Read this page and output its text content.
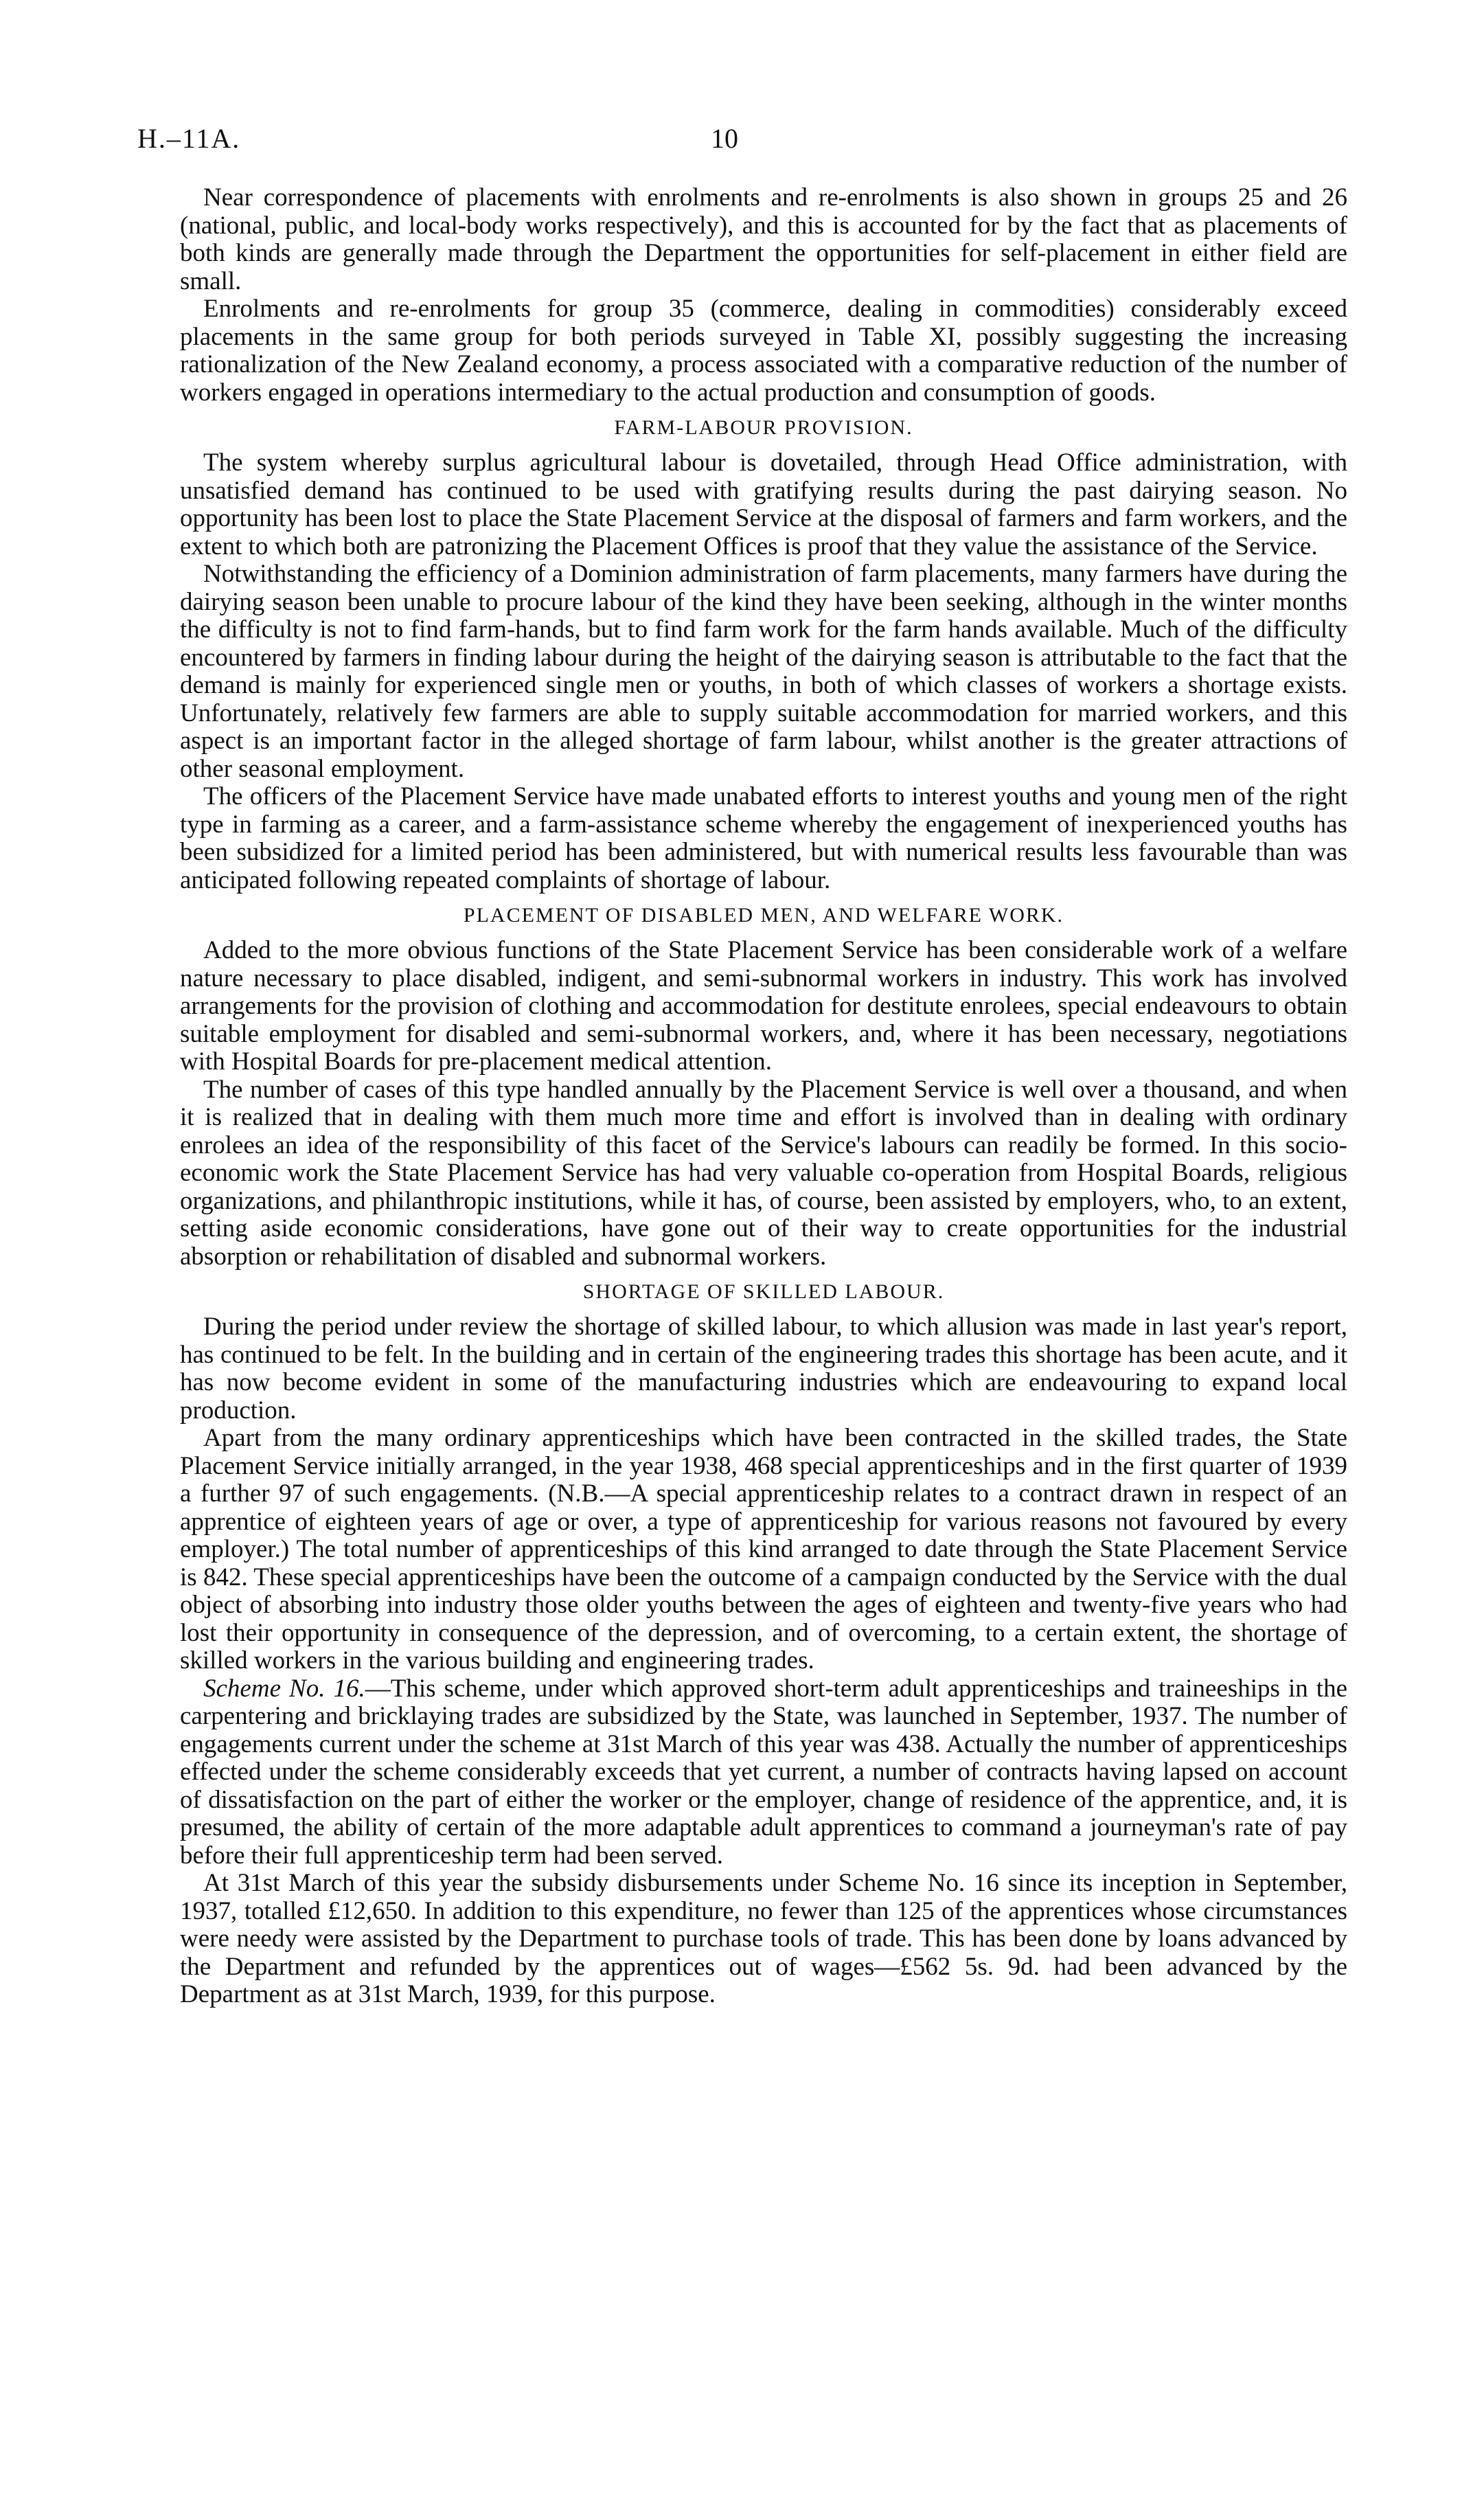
H.–11A.	10

Near correspondence of placements with enrolments and re-enrolments is also shown in groups 25 and 26 (national, public, and local-body works respectively), and this is accounted for by the fact that as placements of both kinds are generally made through the Department the opportunities for self-placement in either field are small.

Enrolments and re-enrolments for group 35 (commerce, dealing in commodities) considerably exceed placements in the same group for both periods surveyed in Table XI, possibly suggesting the increasing rationalization of the New Zealand economy, a process associated with a comparative reduction of the number of workers engaged in operations intermediary to the actual production and consumption of goods.

FARM-LABOUR PROVISION.

The system whereby surplus agricultural labour is dovetailed, through Head Office administration, with unsatisfied demand has continued to be used with gratifying results during the past dairying season. No opportunity has been lost to place the State Placement Service at the disposal of farmers and farm workers, and the extent to which both are patronizing the Placement Offices is proof that they value the assistance of the Service.

Notwithstanding the efficiency of a Dominion administration of farm placements, many farmers have during the dairying season been unable to procure labour of the kind they have been seeking, although in the winter months the difficulty is not to find farm-hands, but to find farm work for the farm hands available. Much of the difficulty encountered by farmers in finding labour during the height of the dairying season is attributable to the fact that the demand is mainly for experienced single men or youths, in both of which classes of workers a shortage exists. Unfortunately, relatively few farmers are able to supply suitable accommodation for married workers, and this aspect is an important factor in the alleged shortage of farm labour, whilst another is the greater attractions of other seasonal employment.

The officers of the Placement Service have made unabated efforts to interest youths and young men of the right type in farming as a career, and a farm-assistance scheme whereby the engagement of inexperienced youths has been subsidized for a limited period has been administered, but with numerical results less favourable than was anticipated following repeated complaints of shortage of labour.

PLACEMENT OF DISABLED MEN, AND WELFARE WORK.

Added to the more obvious functions of the State Placement Service has been considerable work of a welfare nature necessary to place disabled, indigent, and semi-subnormal workers in industry. This work has involved arrangements for the provision of clothing and accommodation for destitute enrolees, special endeavours to obtain suitable employment for disabled and semi-subnormal workers, and, where it has been necessary, negotiations with Hospital Boards for pre-placement medical attention.

The number of cases of this type handled annually by the Placement Service is well over a thousand, and when it is realized that in dealing with them much more time and effort is involved than in dealing with ordinary enrolees an idea of the responsibility of this facet of the Service's labours can readily be formed. In this socio-economic work the State Placement Service has had very valuable co-operation from Hospital Boards, religious organizations, and philanthropic institutions, while it has, of course, been assisted by employers, who, to an extent, setting aside economic considerations, have gone out of their way to create opportunities for the industrial absorption or rehabilitation of disabled and subnormal workers.

SHORTAGE OF SKILLED LABOUR.

During the period under review the shortage of skilled labour, to which allusion was made in last year's report, has continued to be felt. In the building and in certain of the engineering trades this shortage has been acute, and it has now become evident in some of the manufacturing industries which are endeavouring to expand local production.

Apart from the many ordinary apprenticeships which have been contracted in the skilled trades, the State Placement Service initially arranged, in the year 1938, 468 special apprenticeships and in the first quarter of 1939 a further 97 of such engagements. (N.B.—A special apprenticeship relates to a contract drawn in respect of an apprentice of eighteen years of age or over, a type of apprenticeship for various reasons not favoured by every employer.) The total number of apprenticeships of this kind arranged to date through the State Placement Service is 842. These special apprenticeships have been the outcome of a campaign conducted by the Service with the dual object of absorbing into industry those older youths between the ages of eighteen and twenty-five years who had lost their opportunity in consequence of the depression, and of overcoming, to a certain extent, the shortage of skilled workers in the various building and engineering trades.

Scheme No. 16.—This scheme, under which approved short-term adult apprenticeships and traineeships in the carpentering and bricklaying trades are subsidized by the State, was launched in September, 1937. The number of engagements current under the scheme at 31st March of this year was 438. Actually the number of apprenticeships effected under the scheme considerably exceeds that yet current, a number of contracts having lapsed on account of dissatisfaction on the part of either the worker or the employer, change of residence of the apprentice, and, it is presumed, the ability of certain of the more adaptable adult apprentices to command a journeyman's rate of pay before their full apprenticeship term had been served.

At 31st March of this year the subsidy disbursements under Scheme No. 16 since its inception in September, 1937, totalled £12,650. In addition to this expenditure, no fewer than 125 of the apprentices whose circumstances were needy were assisted by the Department to purchase tools of trade. This has been done by loans advanced by the Department and refunded by the apprentices out of wages—£562 5s. 9d. had been advanced by the Department as at 31st March, 1939, for this purpose.
